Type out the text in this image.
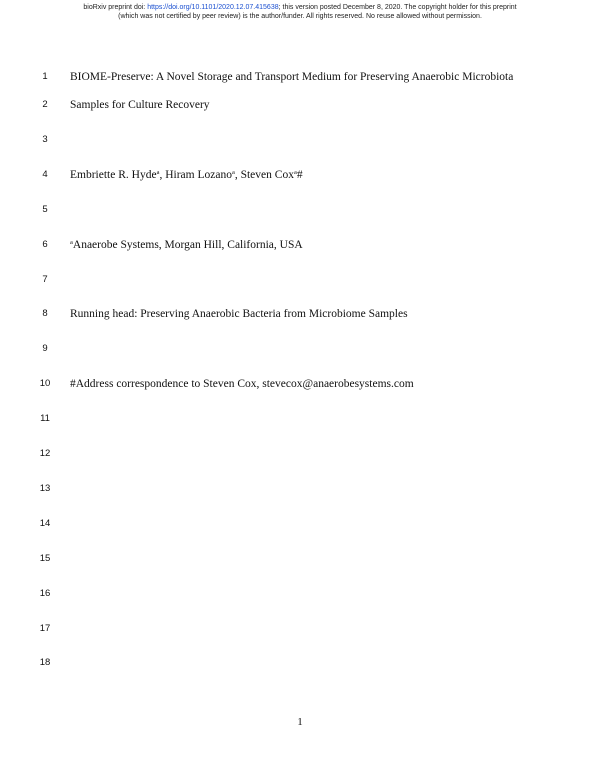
bioRxiv preprint doi: https://doi.org/10.1101/2020.12.07.415638; this version posted December 8, 2020. The copyright holder for this preprint
(which was not certified by peer review) is the author/funder. All rights reserved. No reuse allowed without permission.
1	BIOME-Preserve: A Novel Storage and Transport Medium for Preserving Anaerobic Microbiota
2	Samples for Culture Recovery
3
4	Embriette R. Hyde$^a$, Hiram Lozano$^a$, Steven Cox$^a$#
5
6	$^a$Anaerobe Systems, Morgan Hill, California, USA
7
8	Running head: Preserving Anaerobic Bacteria from Microbiome Samples
9
10	#Address correspondence to Steven Cox, stevecox@anaerobesystems.com
11
12
13
14
15
16
17
18
1
